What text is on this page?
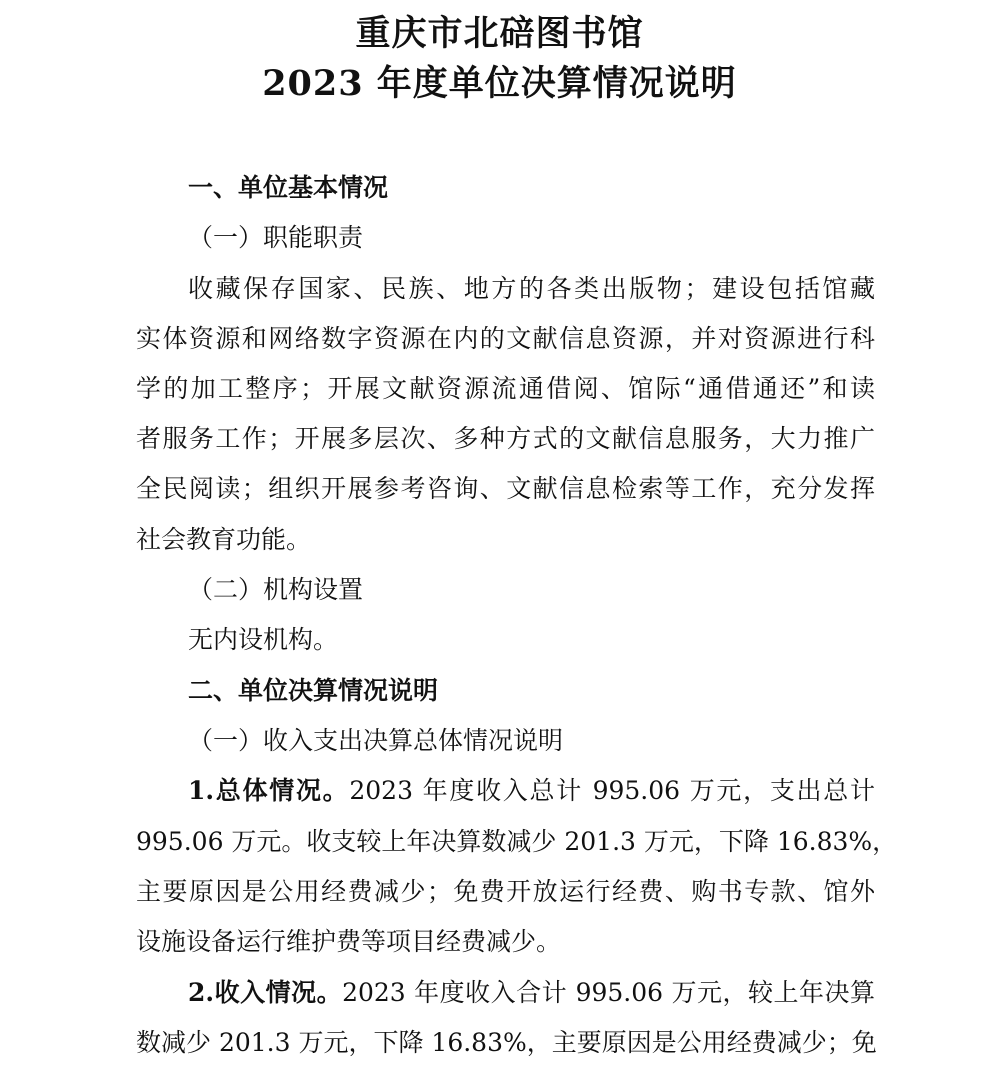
重庆市北碚图书馆
2023 年度单位决算情况说明
一、单位基本情况
（一）职能职责
收藏保存国家、民族、地方的各类出版物；建设包括馆藏
实体资源和网络数字资源在内的文献信息资源，并对资源进行科
学的加工整序；开展文献资源流通借阅、馆际“通借通还”和读
者服务工作；开展多层次、多种方式的文献信息服务，大力推广
全民阅读；组织开展参考咨询、文献信息检索等工作，充分发挥
社会教育功能。
（二）机构设置
无内设机构。
二、单位决算情况说明
（一）收入支出决算总体情况说明
1.总体情况。2023 年度收入总计 995.06 万元，支出总计
995.06 万元。收支较上年决算数减少 201.3 万元，下降 16.83%，
主要原因是公用经费减少；免费开放运行经费、购书专款、馆外
设施设备运行维护费等项目经费减少。
2.收入情况。2023 年度收入合计 995.06 万元，较上年决算
数减少 201.3 万元，下降 16.83%，主要原因是公用经费减少；免
